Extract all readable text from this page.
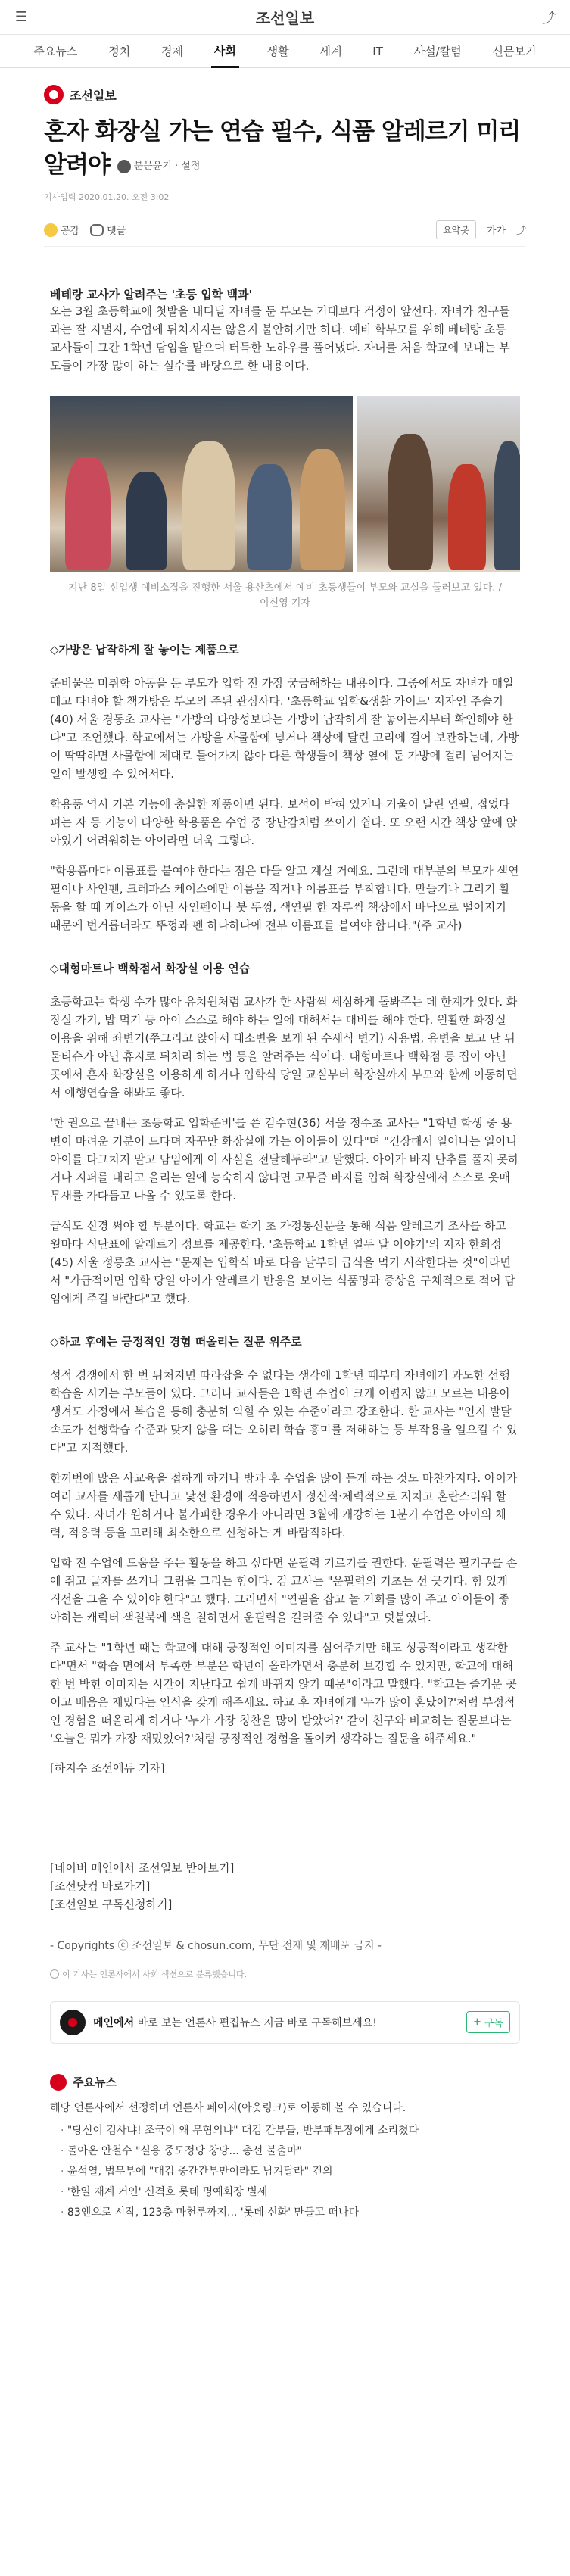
☰	조선일보	⤴
주요뉴스	정치	경제	사회	생활	세계	IT	사설/칼럼	신문보기
조선일보
혼자 화장실 가는 연습 필수, 식품 알레르기 미리 알려야 분문윤기 · 설정
기사입력 2020.01.20. 오전 3:02
공감	댓글	요약봇	가가 ⤴
베테랑 교사가 알려주는 '초등 입학 백과'

오는 3월 초등학교에 첫발을 내디딜 자녀를 둔 부모는 기대보다 걱정이 앞선다. 자녀가 친구들과는 잘 지낼지, 수업에 뒤처지지는 않을지 불안하기만 하다. 예비 학부모를 위해 베테랑 초등 교사들이 그간 1학년 담임을 맡으며 터득한 노하우를 풀어냈다. 자녀를 처음 학교에 보내는 부모들이 가장 많이 하는 실수를 바탕으로 한 내용이다.

지난 8일 신입생 예비소집을 진행한 서울 용산초에서 예비 초등생들이 부모와 교실을 둘러보고 있다. /이신영 기자
◇가방은 납작하게 잘 놓이는 제품으로

준비물은 미취학 아동을 둔 부모가 입학 전 가장 궁금해하는 내용이다. 그중에서도 자녀가 매일 메고 다녀야 할 책가방은 부모의 주된 관심사다. '초등학교 입학&생활 가이드' 저자인 주솔기(40) 서울 경동초 교사는 "가방의 다양성보다는 가방이 납작하게 잘 놓이는지부터 확인해야 한다"고 조언했다. 학교에서는 가방을 사물함에 넣거나 책상에 달린 고리에 걸어 보관하는데, 가방이 딱딱하면 사물함에 제대로 들어가지 않아 다른 학생들이 책상 옆에 둔 가방에 걸려 넘어지는 일이 발생할 수 있어서다.

학용품 역시 기본 기능에 충실한 제품이면 된다. 보석이 박혀 있거나 거울이 달린 연필, 접었다 펴는 자 등 기능이 다양한 학용품은 수업 중 장난감처럼 쓰이기 쉽다. 또 오랜 시간 책상 앞에 앉아있기 어려워하는 아이라면 더욱 그렇다.

"학용품마다 이름표를 붙여야 한다는 점은 다들 알고 계실 거예요. 그런데 대부분의 부모가 색연필이나 사인펜, 크레파스 케이스에만 이름을 적거나 이름표를 부착합니다. 만들기나 그리기 활동을 할 때 케이스가 아닌 사인펜이나 붓 뚜껑, 색연필 한 자루씩 책상에서 바닥으로 떨어지기 때문에 번거롭더라도 뚜껑과 펜 하나하나에 전부 이름표를 붙여야 합니다."(주 교사)

◇대형마트나 백화점서 화장실 이용 연습

초등학교는 학생 수가 많아 유치원처럼 교사가 한 사람씩 세심하게 돌봐주는 데 한계가 있다. 화장실 가기, 밥 먹기 등 아이 스스로 해야 하는 일에 대해서는 대비를 해야 한다. 원활한 화장실 이용을 위해 좌변기(쭈그리고 앉아서 대소변을 보게 된 수세식 변기) 사용법, 용변을 보고 난 뒤 물티슈가 아닌 휴지로 뒤처리 하는 법 등을 알려주는 식이다. 대형마트나 백화점 등 집이 아닌 곳에서 혼자 화장실을 이용하게 하거나 입학식 당일 교실부터 화장실까지 부모와 함께 이동하면서 예행연습을 해봐도 좋다.

'한 권으로 끝내는 초등학교 입학준비'를 쓴 김수현(36) 서울 정수초 교사는 "1학년 학생 중 용변이 마려운 기분이 드다며 자꾸만 화장실에 가는 아이들이 있다"며 "긴장해서 일어나는 일이니 아이를 다그치지 말고 담임에게 이 사실을 전달해두라"고 말했다. 아이가 바지 단추를 풀지 못하거나 지퍼를 내리고 올리는 일에 능숙하지 않다면 고무줄 바지를 입혀 화장실에서 스스로 옷매무새를 가다듬고 나올 수 있도록 한다.

급식도 신경 써야 할 부분이다. 학교는 학기 초 가정통신문을 통해 식품 알레르기 조사를 하고 월마다 식단표에 알레르기 정보를 제공한다. '초등학교 1학년 열두 달 이야기'의 저자 한희정(45) 서울 정릉초 교사는 "문제는 입학식 바로 다음 날부터 급식을 먹기 시작한다는 것"이라면서 "가급적이면 입학 당일 아이가 알레르기 반응을 보이는 식품명과 증상을 구체적으로 적어 담임에게 주길 바란다"고 했다.

◇하교 후에는 긍정적인 경험 떠올리는 질문 위주로

성적 경쟁에서 한 번 뒤처지면 따라잡을 수 없다는 생각에 1학년 때부터 자녀에게 과도한 선행학습을 시키는 부모들이 있다. 그러나 교사들은 1학년 수업이 크게 어렵지 않고 모르는 내용이 생겨도 가정에서 복습을 통해 충분히 익힐 수 있는 수준이라고 강조한다. 한 교사는 "인지 발달 속도가 선행학습 수준과 맞지 않을 때는 오히려 학습 흥미를 저해하는 등 부작용을 일으킬 수 있다"고 지적했다.

한꺼번에 많은 사교육을 접하게 하거나 방과 후 수업을 많이 듣게 하는 것도 마찬가지다. 아이가 여러 교사를 새롭게 만나고 낯선 환경에 적응하면서 정신적·체력적으로 지치고 혼란스러워 할 수 있다. 자녀가 원하거나 불가피한 경우가 아니라면 3월에 개강하는 1분기 수업은 아이의 체력, 적응력 등을 고려해 최소한으로 신청하는 게 바람직하다.

입학 전 수업에 도움을 주는 활동을 하고 싶다면 운필력 기르기를 권한다. 운필력은 필기구를 손에 쥐고 글자를 쓰거나 그림을 그리는 힘이다. 김 교사는 "운필력의 기초는 선 긋기다. 힘 있게 직선을 그을 수 있어야 한다"고 했다. 그러면서 "연필을 잡고 놀 기회를 많이 주고 아이들이 좋아하는 캐릭터 색칠북에 색을 칠하면서 운필력을 길러줄 수 있다"고 덧붙였다.

주 교사는 "1학년 때는 학교에 대해 긍정적인 이미지를 심어주기만 해도 성공적이라고 생각한다"면서 "학습 면에서 부족한 부분은 학년이 올라가면서 충분히 보강할 수 있지만, 학교에 대해 한 번 박힌 이미지는 시간이 지난다고 쉽게 바뀌지 않기 때문"이라고 말했다. "학교는 즐거운 곳이고 배움은 재밌다는 인식을 갖게 해주세요. 하교 후 자녀에게 '누가 많이 혼났어?'처럼 부정적인 경험을 떠올리게 하거나 '누가 가장 칭찬을 많이 받았어?' 같이 친구와 비교하는 질문보다는 '오늘은 뭐가 가장 재밌었어?'처럼 긍정적인 경험을 돌이켜 생각하는 질문을 해주세요."

[하지수 조선에듀 기자]
[네이버 메인에서 조선일보 받아보기]
[조선닷컴 바로가기]
[조선일보 구독신청하기]
- Copyrights ⓒ 조선일보 & chosun.com, 무단 전재 및 재배포 금지 -
이 기사는 언론사에서 사회 섹션으로 분류했습니다.
메인에서 바로 보는 언론사 편집뉴스 지금 바로 구독해보세요!	+ 구독
주요뉴스
해당 언론사에서 선정하며 언론사 페이지(아웃링크)로 이동해 볼 수 있습니다.
· "당신이 검사냐! 조국이 왜 무혐의냐" 대검 간부들, 반부패부장에게 소리쳤다
· 돌아온 안철수 "실용 중도정당 창당... 총선 불출마"
· 윤석열, 법무부에 "대검 중간간부만이라도 남겨달라" 건의
· '한일 재계 거인' 신격호 롯데 명예회장 별세
· 83엔으로 시작, 123층 마천루까지... '롯데 신화' 만들고 떠나다
